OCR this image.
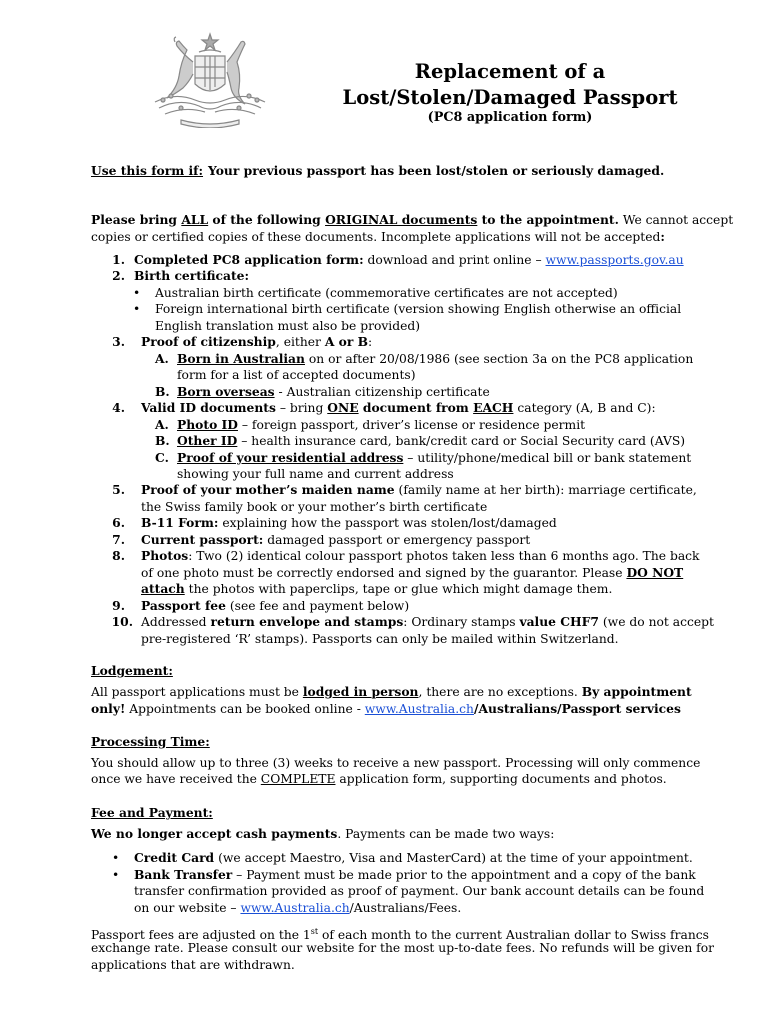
Replacement of a
Lost/Stolen/Damaged Passport
(PC8 application form)
Use this form if: Your previous passport has been lost/stolen or seriously damaged.
Please bring ALL of the following ORIGINAL documents to the appointment. We cannot accept
copies or certified copies of these documents. Incomplete applications will not be accepted:
1. Completed PC8 application form: download and print online – www.passports.gov.au
2. Birth certificate:
• Australian birth certificate (commemorative certificates are not accepted)
• Foreign international birth certificate (version showing English otherwise an official
English translation must also be provided)
3. Proof of citizenship, either A or B:
A. Born in Australian on or after 20/08/1986 (see section 3a on the PC8 application
form for a list of accepted documents)
B. Born overseas - Australian citizenship certificate
4. Valid ID documents – bring ONE document from EACH category (A, B and C):
A. Photo ID – foreign passport, driver’s license or residence permit
B. Other ID – health insurance card, bank/credit card or Social Security card (AVS)
C. Proof of your residential address – utility/phone/medical bill or bank statement
showing your full name and current address
5. Proof of your mother’s maiden name (family name at her birth): marriage certificate,
the Swiss family book or your mother’s birth certificate
6. B-11 Form: explaining how the passport was stolen/lost/damaged
7. Current passport: damaged passport or emergency passport
8. Photos: Two (2) identical colour passport photos taken less than 6 months ago. The back
of one photo must be correctly endorsed and signed by the guarantor. Please DO NOT
attach the photos with paperclips, tape or glue which might damage them.
9. Passport fee (see fee and payment below)
10. Addressed return envelope and stamps: Ordinary stamps value CHF7 (we do not accept
pre-registered ‘R’ stamps). Passports can only be mailed within Switzerland.
Lodgement:
All passport applications must be lodged in person, there are no exceptions. By appointment
only! Appointments can be booked online - www.Australia.ch/Australians/Passport services
Processing Time:
You should allow up to three (3) weeks to receive a new passport. Processing will only commence
once we have received the COMPLETE application form, supporting documents and photos.
Fee and Payment:
We no longer accept cash payments. Payments can be made two ways:
• Credit Card (we accept Maestro, Visa and MasterCard) at the time of your appointment.
• Bank Transfer – Payment must be made prior to the appointment and a copy of the bank
transfer confirmation provided as proof of payment. Our bank account details can be found
on our website – www.Australia.ch/Australians/Fees.
Passport fees are adjusted on the 1st of each month to the current Australian dollar to Swiss francs
exchange rate. Please consult our website for the most up-to-date fees. No refunds will be given for
applications that are withdrawn.
